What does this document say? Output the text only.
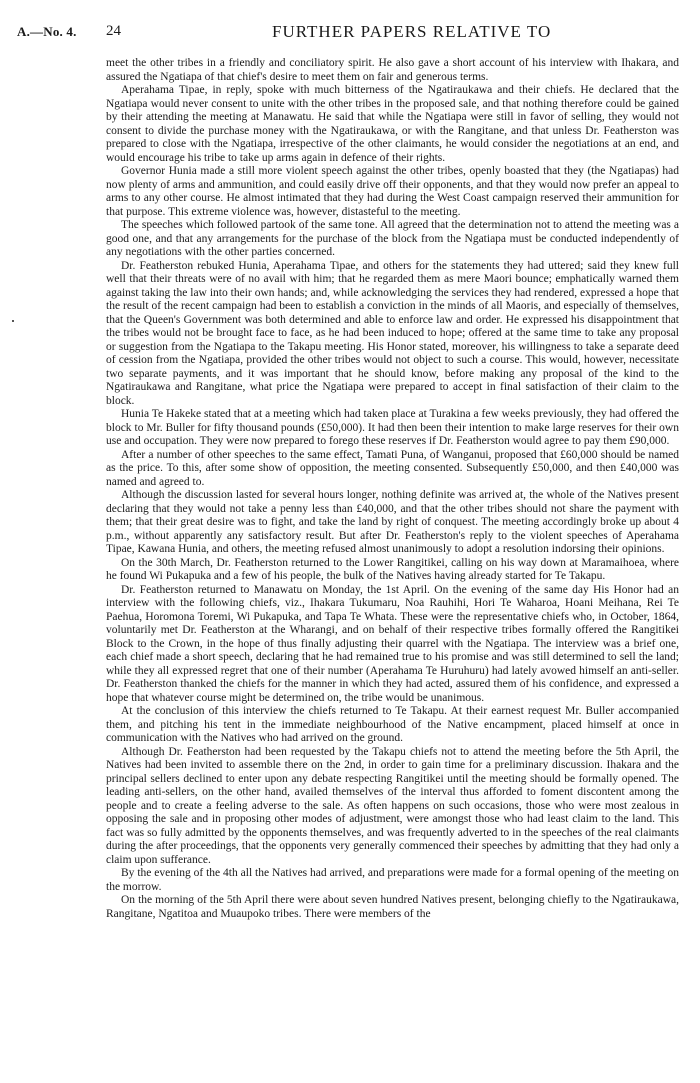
A.—No. 4. 24	FURTHER PAPERS RELATIVE TO

meet the other tribes in a friendly and conciliatory spirit. He also gave a short account of his interview with Ihakara, and assured the Ngatiapa of that chief's desire to meet them on fair and generous terms.

Aperahama Tipae, in reply, spoke with much bitterness of the Ngatiraukawa and their chiefs. He declared that the Ngatiapa would never consent to unite with the other tribes in the proposed sale, and that nothing therefore could be gained by their attending the meeting at Manawatu. He said that while the Ngatiapa were still in favor of selling, they would not consent to divide the purchase money with the Ngatiraukawa, or with the Rangitane, and that unless Dr. Featherston was prepared to close with the Ngatiapa, irrespective of the other claimants, he would consider the negotiations at an end, and would encourage his tribe to take up arms again in defence of their rights.

Governor Hunia made a still more violent speech against the other tribes, openly boasted that they (the Ngatiapas) had now plenty of arms and ammunition, and could easily drive off their opponents, and that they would now prefer an appeal to arms to any other course. He almost intimated that they had during the West Coast campaign reserved their ammunition for that purpose. This extreme violence was, however, distasteful to the meeting.

The speeches which followed partook of the same tone. All agreed that the determination not to attend the meeting was a good one, and that any arrangements for the purchase of the block from the Ngatiapa must be conducted independently of any negotiations with the other parties concerned.

Dr. Featherston rebuked Hunia, Aperahama Tipae, and others for the statements they had uttered; said they knew full well that their threats were of no avail with him; that he regarded them as mere Maori bounce; emphatically warned them against taking the law into their own hands; and, while acknowledging the services they had rendered, expressed a hope that the result of the recent campaign had been to establish a conviction in the minds of all Maoris, and especially of themselves, that the Queen's Government was both determined and able to enforce law and order. He expressed his disappointment that the tribes would not be brought face to face, as he had been induced to hope; offered at the same time to take any proposal or suggestion from the Ngatiapa to the Takapu meeting. His Honor stated, moreover, his willingness to take a separate deed of cession from the Ngatiapa, provided the other tribes would not object to such a course. This would, however, necessitate two separate payments, and it was important that he should know, before making any proposal of the kind to the Ngatiraukawa and Rangitane, what price the Ngatiapa were prepared to accept in final satisfaction of their claim to the block.

Hunia Te Hakeke stated that at a meeting which had taken place at Turakina a few weeks previously, they had offered the block to Mr. Buller for fifty thousand pounds (£50,000). It had then been their intention to make large reserves for their own use and occupation. They were now prepared to forego these reserves if Dr. Featherston would agree to pay them £90,000.

After a number of other speeches to the same effect, Tamati Puna, of Wanganui, proposed that £60,000 should be named as the price. To this, after some show of opposition, the meeting consented. Subsequently £50,000, and then £40,000 was named and agreed to.

Although the discussion lasted for several hours longer, nothing definite was arrived at, the whole of the Natives present declaring that they would not take a penny less than £40,000, and that the other tribes should not share the payment with them; that their great desire was to fight, and take the land by right of conquest. The meeting accordingly broke up about 4 p.m., without apparently any satisfactory result. But after Dr. Featherston's reply to the violent speeches of Aperahama Tipae, Kawana Hunia, and others, the meeting refused almost unanimously to adopt a resolution indorsing their opinions.

On the 30th March, Dr. Featherston returned to the Lower Rangitikei, calling on his way down at Maramaihoea, where he found Wi Pukapuka and a few of his people, the bulk of the Natives having already started for Te Takapu.

Dr. Featherston returned to Manawatu on Monday, the 1st April. On the evening of the same day His Honor had an interview with the following chiefs, viz., Ihakara Tukumaru, Noa Rauhihi, Hori Te Waharoa, Hoani Meihana, Rei Te Paehua, Horomona Toremi, Wi Pukapuka, and Tapa Te Whata. These were the representative chiefs who, in October, 1864, voluntarily met Dr. Featherston at the Wharangi, and on behalf of their respective tribes formally offered the Rangitikei Block to the Crown, in the hope of thus finally adjusting their quarrel with the Ngatiapa. The interview was a brief one, each chief made a short speech, declaring that he had remained true to his promise and was still determined to sell the land; while they all expressed regret that one of their number (Aperahama Te Huruhuru) had lately avowed himself an anti-seller. Dr. Featherston thanked the chiefs for the manner in which they had acted, assured them of his confidence, and expressed a hope that whatever course might be determined on, the tribe would be unanimous.

At the conclusion of this interview the chiefs returned to Te Takapu. At their earnest request Mr. Buller accompanied them, and pitching his tent in the immediate neighbourhood of the Native encampment, placed himself at once in communication with the Natives who had arrived on the ground.

Although Dr. Featherston had been requested by the Takapu chiefs not to attend the meeting before the 5th April, the Natives had been invited to assemble there on the 2nd, in order to gain time for a preliminary discussion. Ihakara and the principal sellers declined to enter upon any debate respecting Rangitikei until the meeting should be formally opened. The leading anti-sellers, on the other hand, availed themselves of the interval thus afforded to foment discontent among the people and to create a feeling adverse to the sale. As often happens on such occasions, those who were most zealous in opposing the sale and in proposing other modes of adjustment, were amongst those who had least claim to the land. This fact was so fully admitted by the opponents themselves, and was frequently adverted to in the speeches of the real claimants during the after proceedings, that the opponents very generally commenced their speeches by admitting that they had only a claim upon sufferance.

By the evening of the 4th all the Natives had arrived, and preparations were made for a formal opening of the meeting on the morrow.

On the morning of the 5th April there were about seven hundred Natives present, belonging chiefly to the Ngatiraukawa, Rangitane, Ngatitoa and Muaupoko tribes. There were members of the
